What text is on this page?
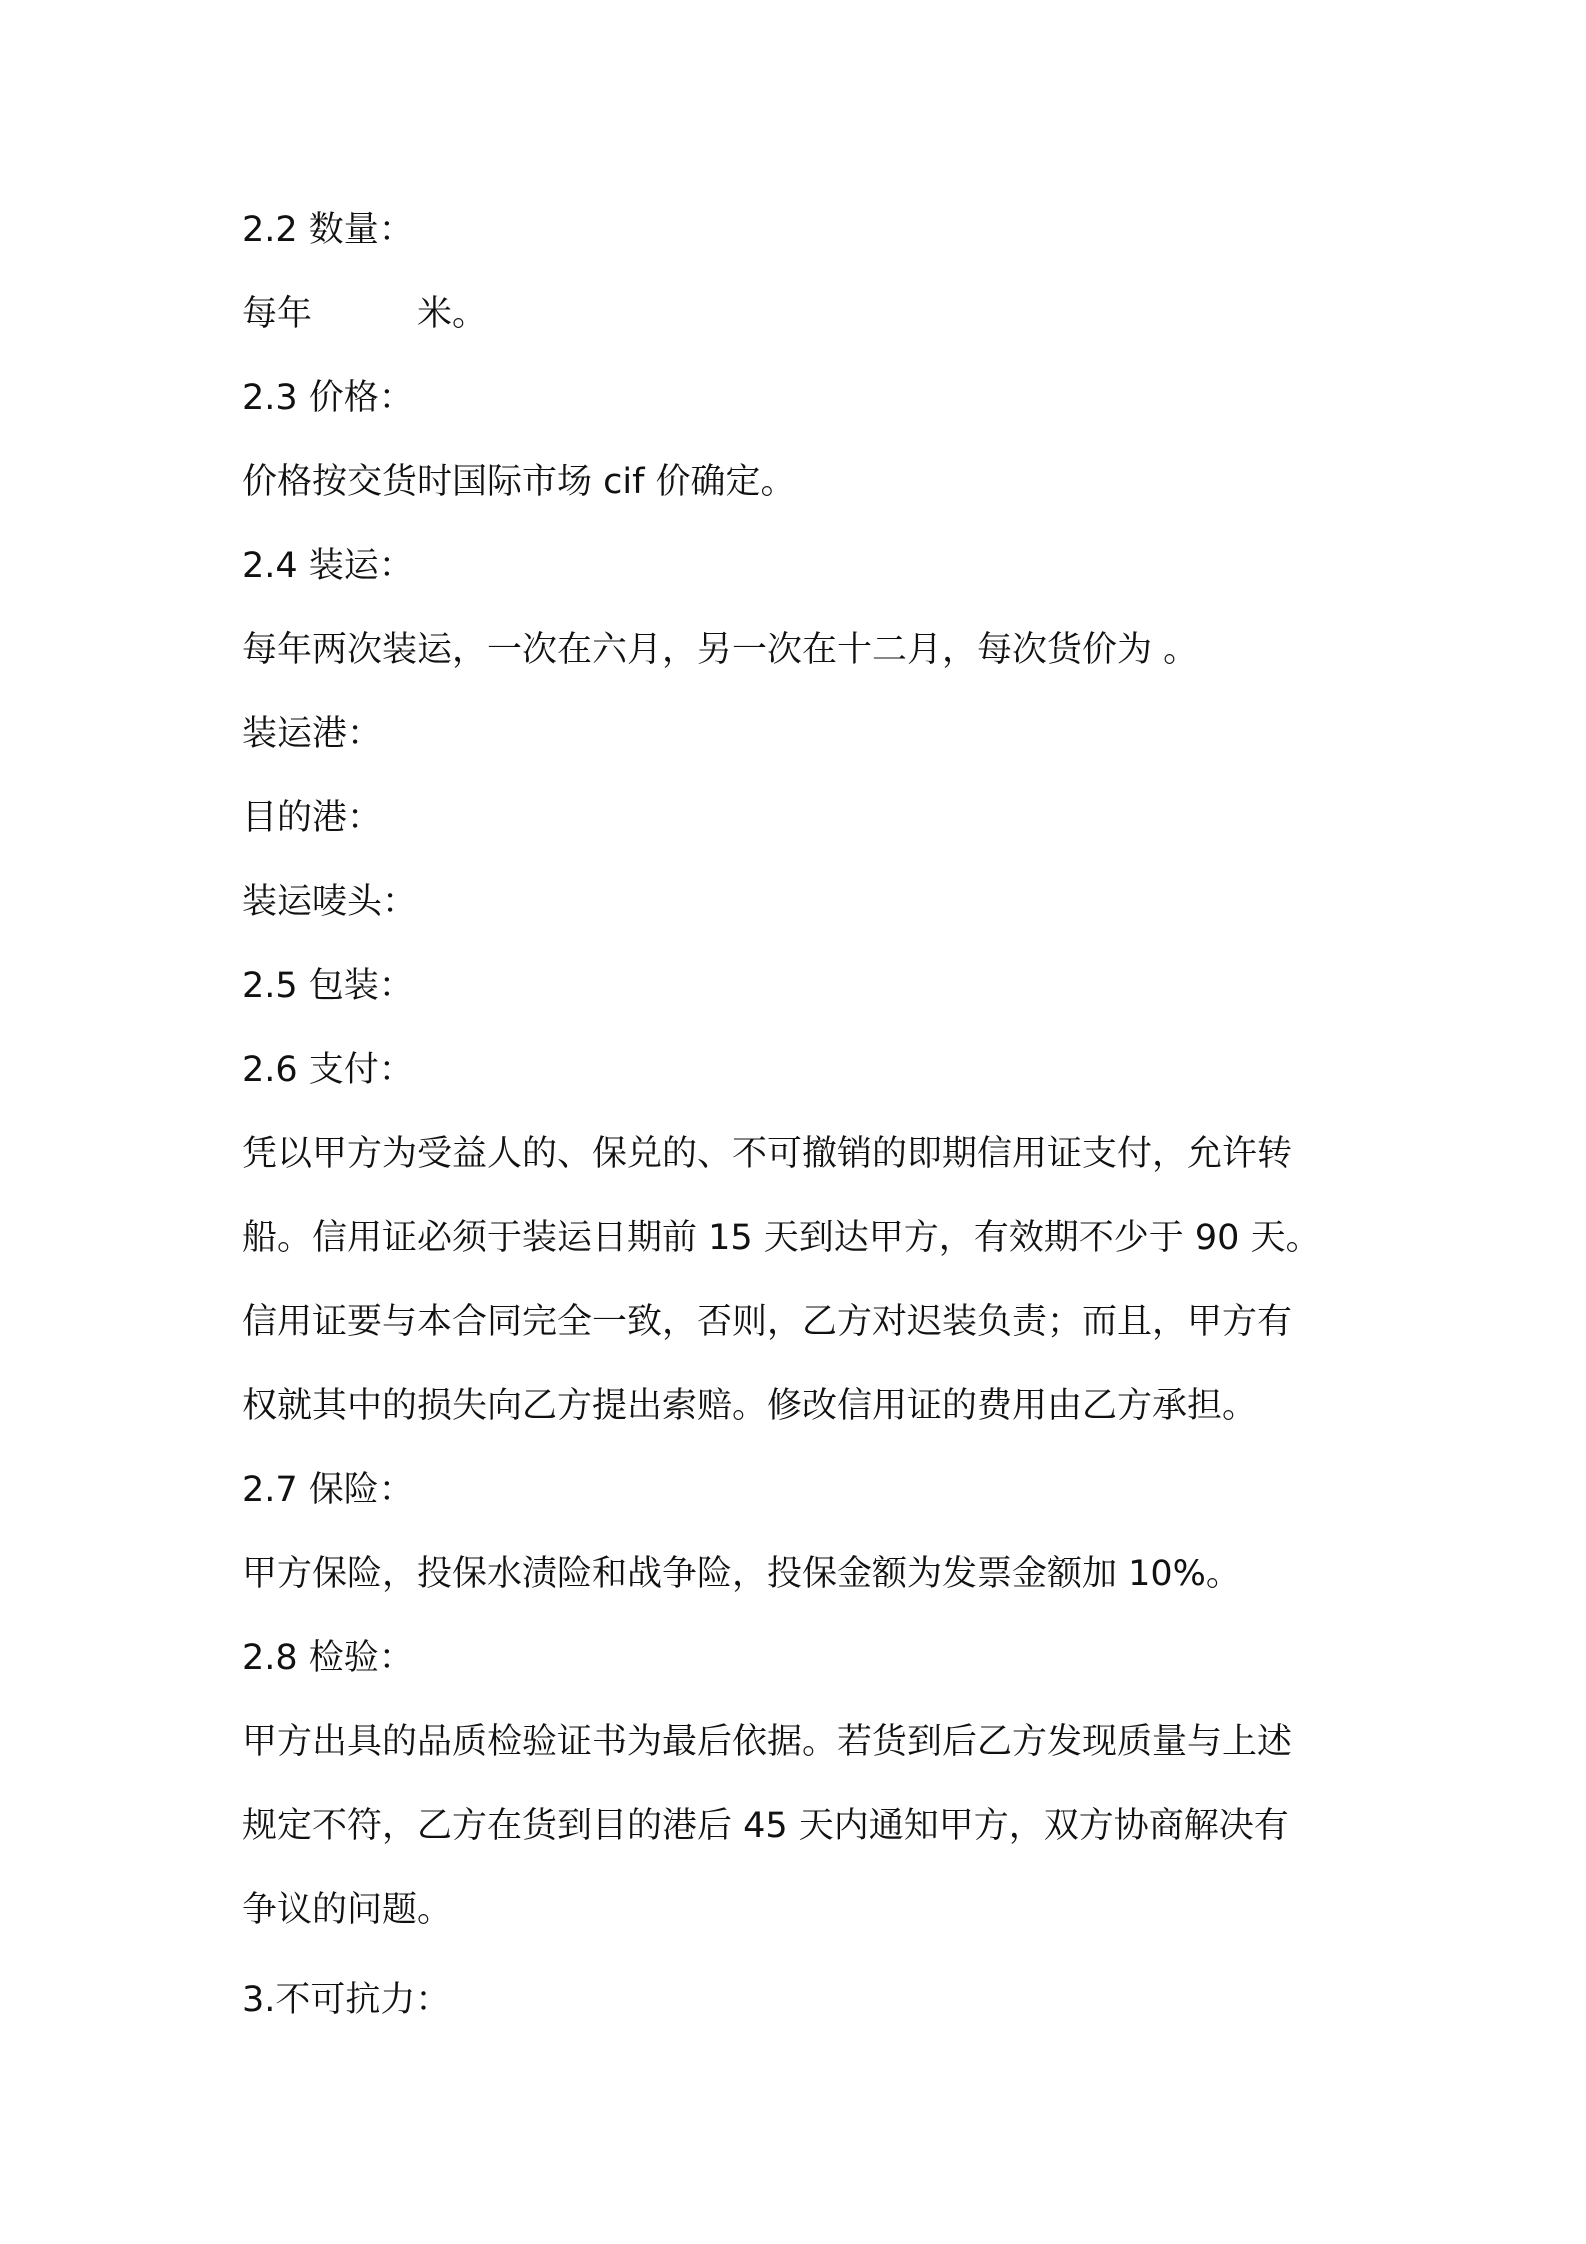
2.2 数量：
每年　　　米。
2.3 价格：
价格按交货时国际市场 cif 价确定。
2.4 装运：
每年两次装运，一次在六月，另一次在十二月，每次货价为 。
装运港：
目的港：
装运唛头：
2.5 包装：
2.6 支付：
凭以甲方为受益人的、保兑的、不可撤销的即期信用证支付，允许转
船。信用证必须于装运日期前 15 天到达甲方，有效期不少于 90 天。
信用证要与本合同完全一致，否则，乙方对迟装负责；而且，甲方有
权就其中的损失向乙方提出索赔。修改信用证的费用由乙方承担。
2.7 保险：
甲方保险，投保水渍险和战争险，投保金额为发票金额加 10%。
2.8 检验：
甲方出具的品质检验证书为最后依据。若货到后乙方发现质量与上述
规定不符，乙方在货到目的港后 45 天内通知甲方，双方协商解决有
争议的问题。
3.不可抗力：
